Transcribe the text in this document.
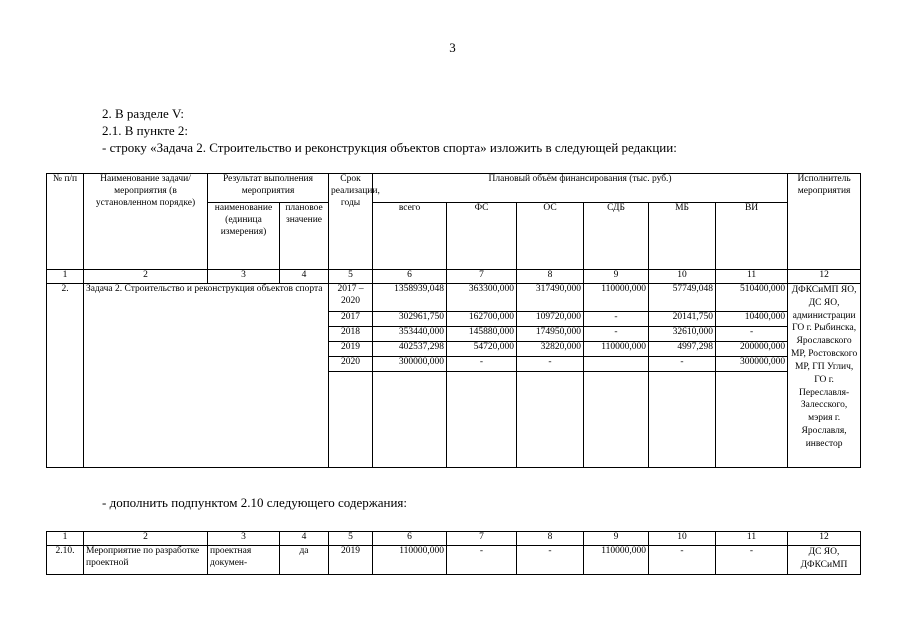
3
2. В разделе V:
2.1. В пункте 2:
- строку «Задача 2. Строительство и реконструкция объектов спорта» изложить в следующей редакции:
№ п/п	Наименование задачи/ мероприятия (в установленном порядке)	Результат выполнения мероприятия		Срок реализации, годы	Плановый объём финансирования (тыс. руб.)						Исполнитель мероприятия
		наименование (единица измерения)	плановое значение		всего	ФС	ОС	СДБ	МБ	ВИ	
1	2	3	4	5	6	7	8	9	10	11	12
2.	Задача 2. Строительство и реконструкция объектов спорта			2017 – 2020	1358939,048	363300,000	317490,000	110000,000	57749,048	510400,000	ДФКСиМП ЯО, ДС ЯО, администрации ГО г. Рыбинска, Ярославского МР, Ростовского МР, ГП Углич, ГО г. Переславля-Залесского, мэрия г. Ярославля, инвестор
				2017	302961,750	162700,000	109720,000	-	20141,750	10400,000	
				2018	353440,000	145880,000	174950,000	-	32610,000	-	
				2019	402537,298	54720,000	32820,000	110000,000	4997,298	200000,000	
				2020	300000,000	-	-		-	300000,000	

- дополнить подпунктом 2.10 следующего содержания:
1	2	3	4	5	6	7	8	9	10	11	12
2.10.	Мероприятие по разработке проектной	проектная докумен-	да	2019	110000,000	-	-	110000,000	-	-	ДС ЯО, ДФКСиМП
